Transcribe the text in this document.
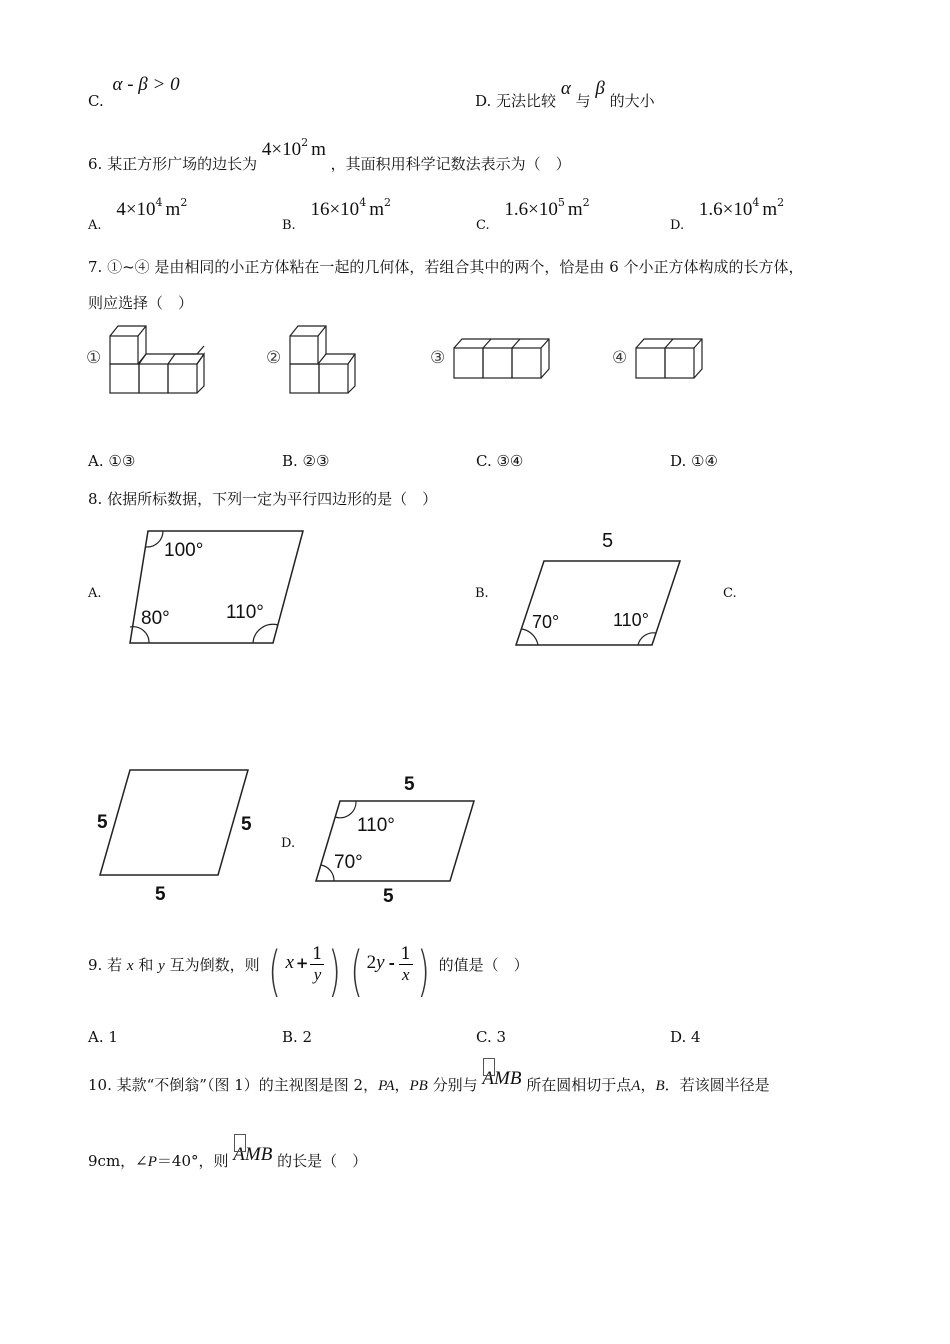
C. α - β > 0
D. 无法比较 α 与 β 的大小
6. 某正方形广场的边长为 $4\times 10^2$ m ，其面积用科学记数法表示为（　）
A. $4\times 10^4$ $m^2$
B. $16\times 10^4$ $m^2$
C. $1.6\times 10^5$ $m^2$
D. $1.6\times 10^4$ $m^2$
7. ①~④ 是由相同的小正方体粘在一起的几何体，若组合其中的两个，恰是由 6 个小正方体构成的长方体，
则应选择（　）
①	②	③	④
A. ①③	B. ②③	C. ③④	D. ①④
8. 依据所标数据，下列一定为平行四边形的是（　）
A.
100°
80°	110°
B.
5
70°	110°
C.
5	5
5
D.
5
110°
70°
5
9. 若 x 和 y 互为倒数，则 ( $x + \frac{1}{y}$ ) ( $2y - \frac{1}{x}$ ) 的值是（　）
A. 1	B. 2	C. 3	D. 4
10. 某款“不倒翁”（图 1）的主视图是图 2，PA，PB 分别与 AMB 所在圆相切于点A，B．若该圆半径是
9cm，∠P＝40°，则 AMB 的长是（　）
